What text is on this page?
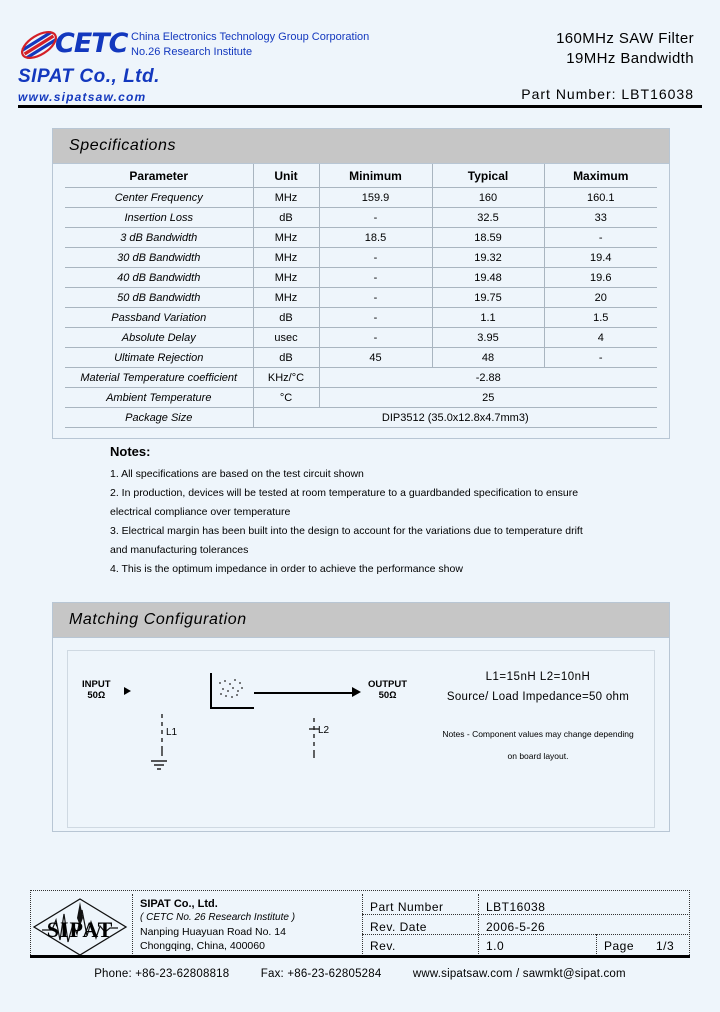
CETC China Electronics Technology Group Corporation
No.26 Research Institute
SIPAT Co., Ltd.
www.sipatsaw.com
160MHz SAW Filter
19MHz Bandwidth
Part Number: LBT16038
Specifications
Parameter	Unit	Minimum	Typical	Maximum
Center Frequency	MHz	159.9	160	160.1
Insertion Loss	dB	-	32.5	33
3 dB Bandwidth	MHz	18.5	18.59	-
30 dB Bandwidth	MHz	-	19.32	19.4
40 dB Bandwidth	MHz	-	19.48	19.6
50 dB Bandwidth	MHz	-	19.75	20
Passband Variation	dB	-	1.1	1.5
Absolute Delay	usec	-	3.95	4
Ultimate Rejection	dB	45	48	-
Material Temperature coefficient	KHz/°C	-2.88		
Ambient Temperature	°C	25		
Package Size	DIP3512 (35.0x12.8x4.7mm3)			
Notes:
1. All specifications are based on the test circuit shown
2. In production, devices will be tested at room temperature to a guardbanded specification to ensure
electrical compliance over temperature
3. Electrical margin has been built into the design to account for the variations due to temperature drift
and manufacturing tolerances
4. This is the optimum impedance in order to achieve the performance show
Matching Configuration
INPUT
50Ω
OUTPUT
50Ω
L1	L2
L1=15nH L2=10nH
Source/ Load Impedance=50 ohm
Notes - Component values may change depending
on board layout.
SIPAT
SIPAT Co., Ltd.
( CETC No. 26 Research Institute )
Nanping Huayuan Road No. 14
Chongqing, China, 400060
Part Number	LBT16038
Rev. Date	2006-5-26
Rev.	1.0	Page 1/3
Phone: +86-23-62808818	Fax: +86-23-62805284	www.sipatsaw.com / sawmkt@sipat.com
